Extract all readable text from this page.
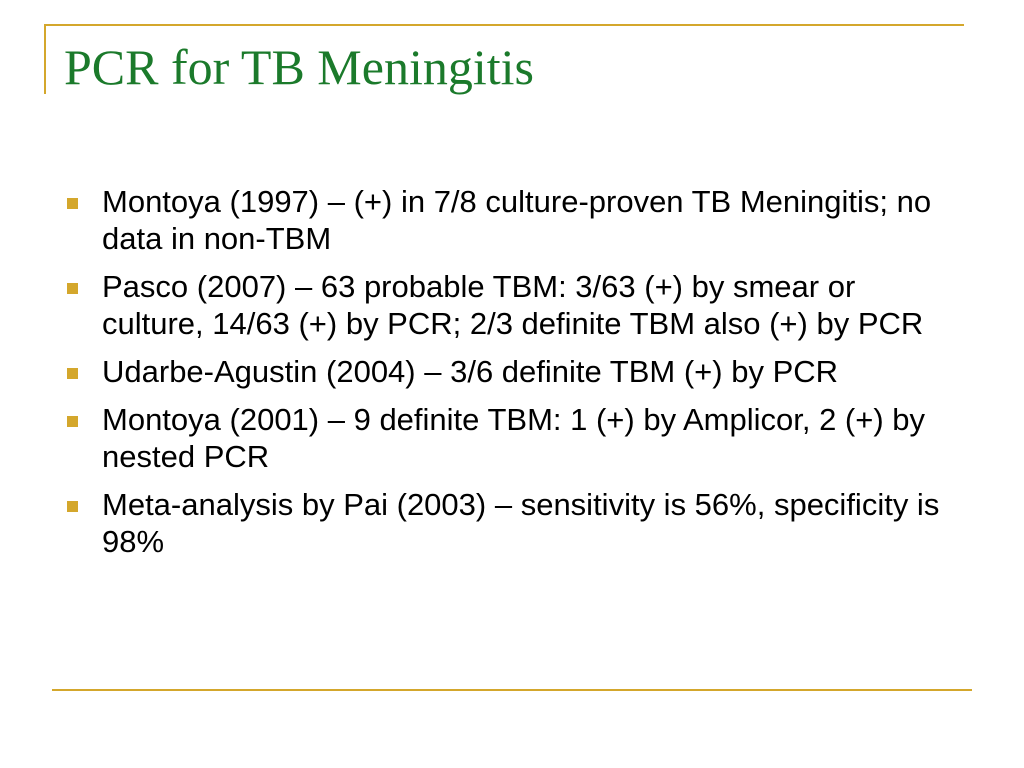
PCR for TB Meningitis
Montoya (1997) – (+) in 7/8 culture-proven TB Meningitis; no data in non-TBM
Pasco (2007) – 63 probable TBM: 3/63 (+) by smear or culture, 14/63 (+) by PCR; 2/3 definite TBM also (+) by PCR
Udarbe-Agustin (2004) – 3/6 definite TBM (+) by PCR
Montoya (2001) – 9 definite TBM: 1 (+) by Amplicor, 2 (+) by nested PCR
Meta-analysis by Pai (2003) – sensitivity is 56%, specificity is 98%
